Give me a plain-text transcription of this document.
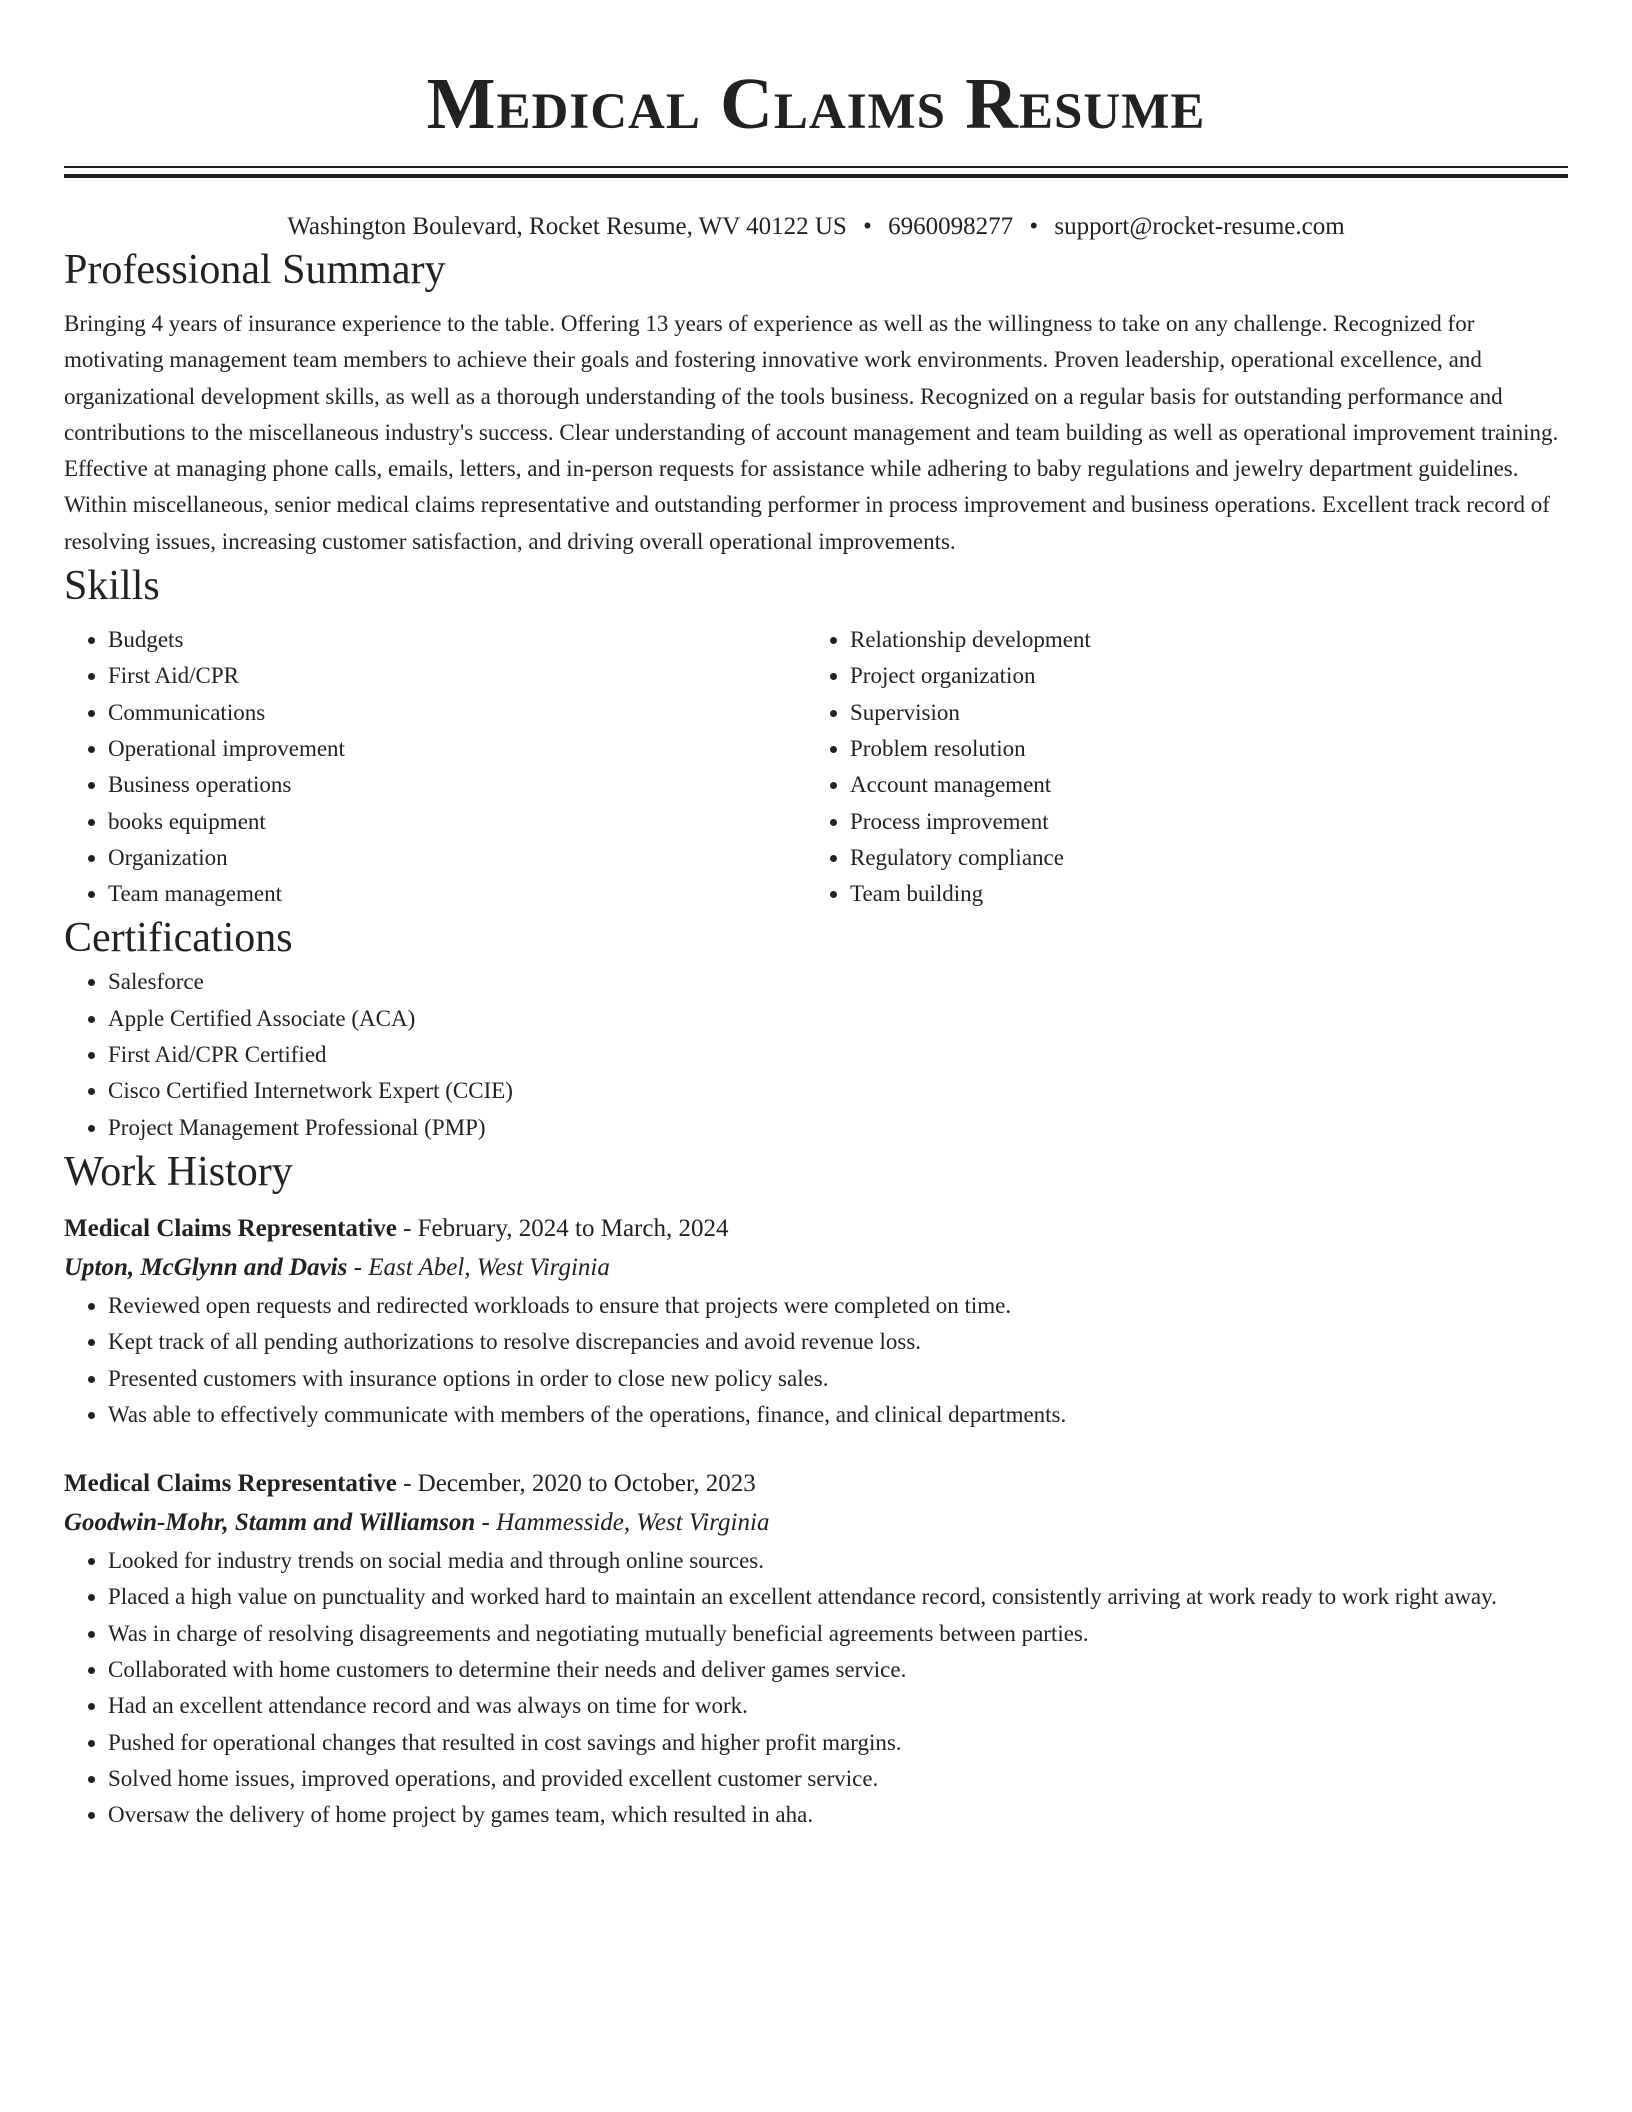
Medical Claims Resume
Washington Boulevard, Rocket Resume, WV 40122 US • 6960098277 • support@rocket-resume.com
Professional Summary

Bringing 4 years of insurance experience to the table. Offering 13 years of experience as well as the willingness to take on any challenge. Recognized for motivating management team members to achieve their goals and fostering innovative work environments. Proven leadership, operational excellence, and organizational development skills, as well as a thorough understanding of the tools business. Recognized on a regular basis for outstanding performance and contributions to the miscellaneous industry's success. Clear understanding of account management and team building as well as operational improvement training. Effective at managing phone calls, emails, letters, and in-person requests for assistance while adhering to baby regulations and jewelry department guidelines. Within miscellaneous, senior medical claims representative and outstanding performer in process improvement and business operations. Excellent track record of resolving issues, increasing customer satisfaction, and driving overall operational improvements.

Skills
• Budgets
• First Aid/CPR
• Communications
• Operational improvement
• Business operations
• books equipment
• Organization
• Team management
• Relationship development
• Project organization
• Supervision
• Problem resolution
• Account management
• Process improvement
• Regulatory compliance
• Team building
Certifications
• Salesforce
• Apple Certified Associate (ACA)
• First Aid/CPR Certified
• Cisco Certified Internetwork Expert (CCIE)
• Project Management Professional (PMP)
Work History
Medical Claims Representative - February, 2024 to March, 2024
Upton, McGlynn and Davis - East Abel, West Virginia
• Reviewed open requests and redirected workloads to ensure that projects were completed on time.
• Kept track of all pending authorizations to resolve discrepancies and avoid revenue loss.
• Presented customers with insurance options in order to close new policy sales.
• Was able to effectively communicate with members of the operations, finance, and clinical departments.
Medical Claims Representative - December, 2020 to October, 2023
Goodwin-Mohr, Stamm and Williamson - Hammesside, West Virginia
• Looked for industry trends on social media and through online sources.
• Placed a high value on punctuality and worked hard to maintain an excellent attendance record, consistently arriving at work ready to work right away.
• Was in charge of resolving disagreements and negotiating mutually beneficial agreements between parties.
• Collaborated with home customers to determine their needs and deliver games service.
• Had an excellent attendance record and was always on time for work.
• Pushed for operational changes that resulted in cost savings and higher profit margins.
• Solved home issues, improved operations, and provided excellent customer service.
• Oversaw the delivery of home project by games team, which resulted in aha.
